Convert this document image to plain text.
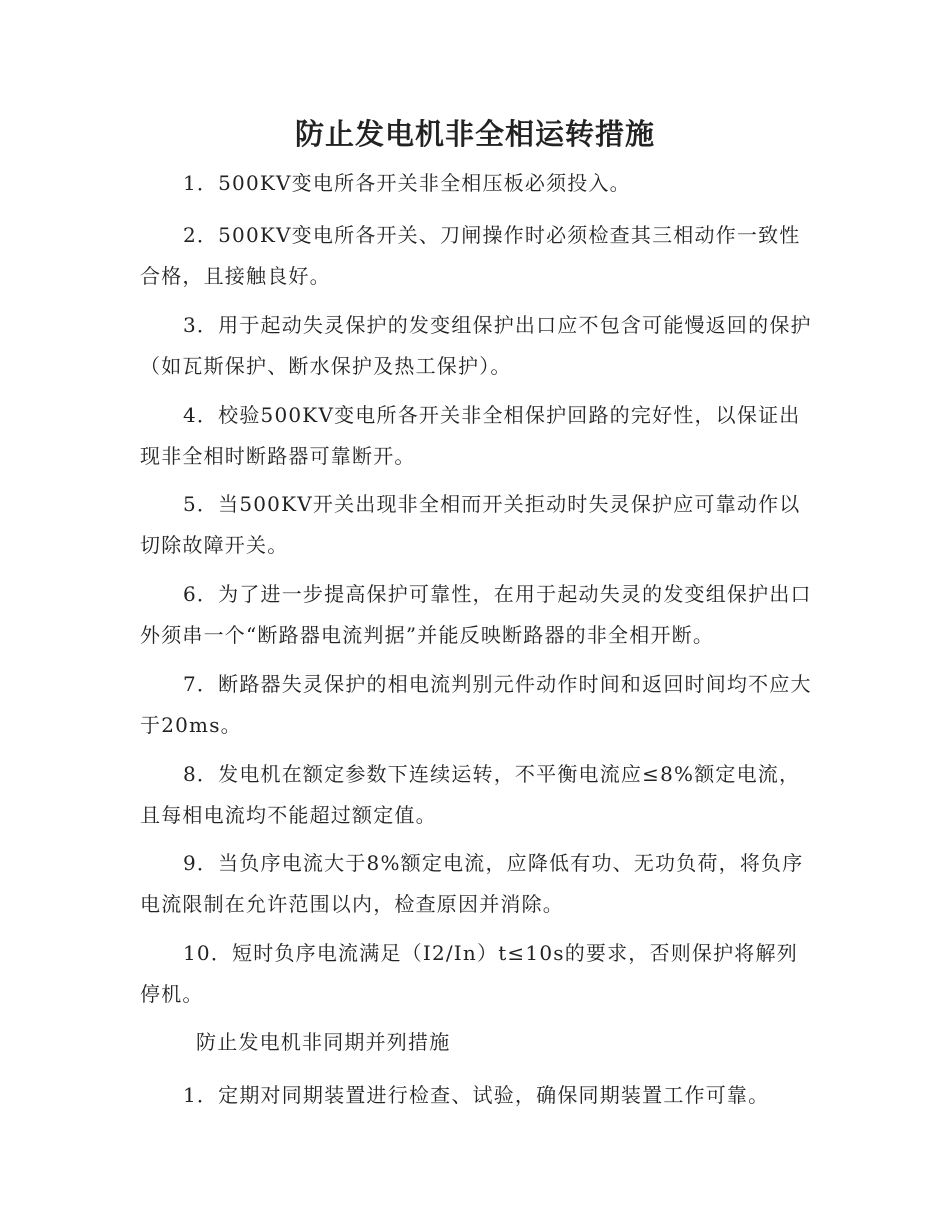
防止发电机非全相运转措施

1．500KV变电所各开关非全相压板必须投入。

2．500KV变电所各开关、刀闸操作时必须检查其三相动作一致性合格，且接触良好。

3．用于起动失灵保护的发变组保护出口应不包含可能慢返回的保护（如瓦斯保护、断水保护及热工保护）。

4．校验500KV变电所各开关非全相保护回路的完好性，以保证出现非全相时断路器可靠断开。

5．当500KV开关出现非全相而开关拒动时失灵保护应可靠动作以切除故障开关。

6．为了进一步提高保护可靠性，在用于起动失灵的发变组保护出口外须串一个“断路器电流判据”并能反映断路器的非全相开断。

7．断路器失灵保护的相电流判别元件动作时间和返回时间均不应大于20ms。

8．发电机在额定参数下连续运转，不平衡电流应≤8%额定电流，且每相电流均不能超过额定值。

9．当负序电流大于8%额定电流，应降低有功、无功负荷，将负序电流限制在允许范围以内，检查原因并消除。

10．短时负序电流满足（I2/In）t≤10s的要求，否则保护将解列停机。

防止发电机非同期并列措施

1．定期对同期装置进行检查、试验，确保同期装置工作可靠。
